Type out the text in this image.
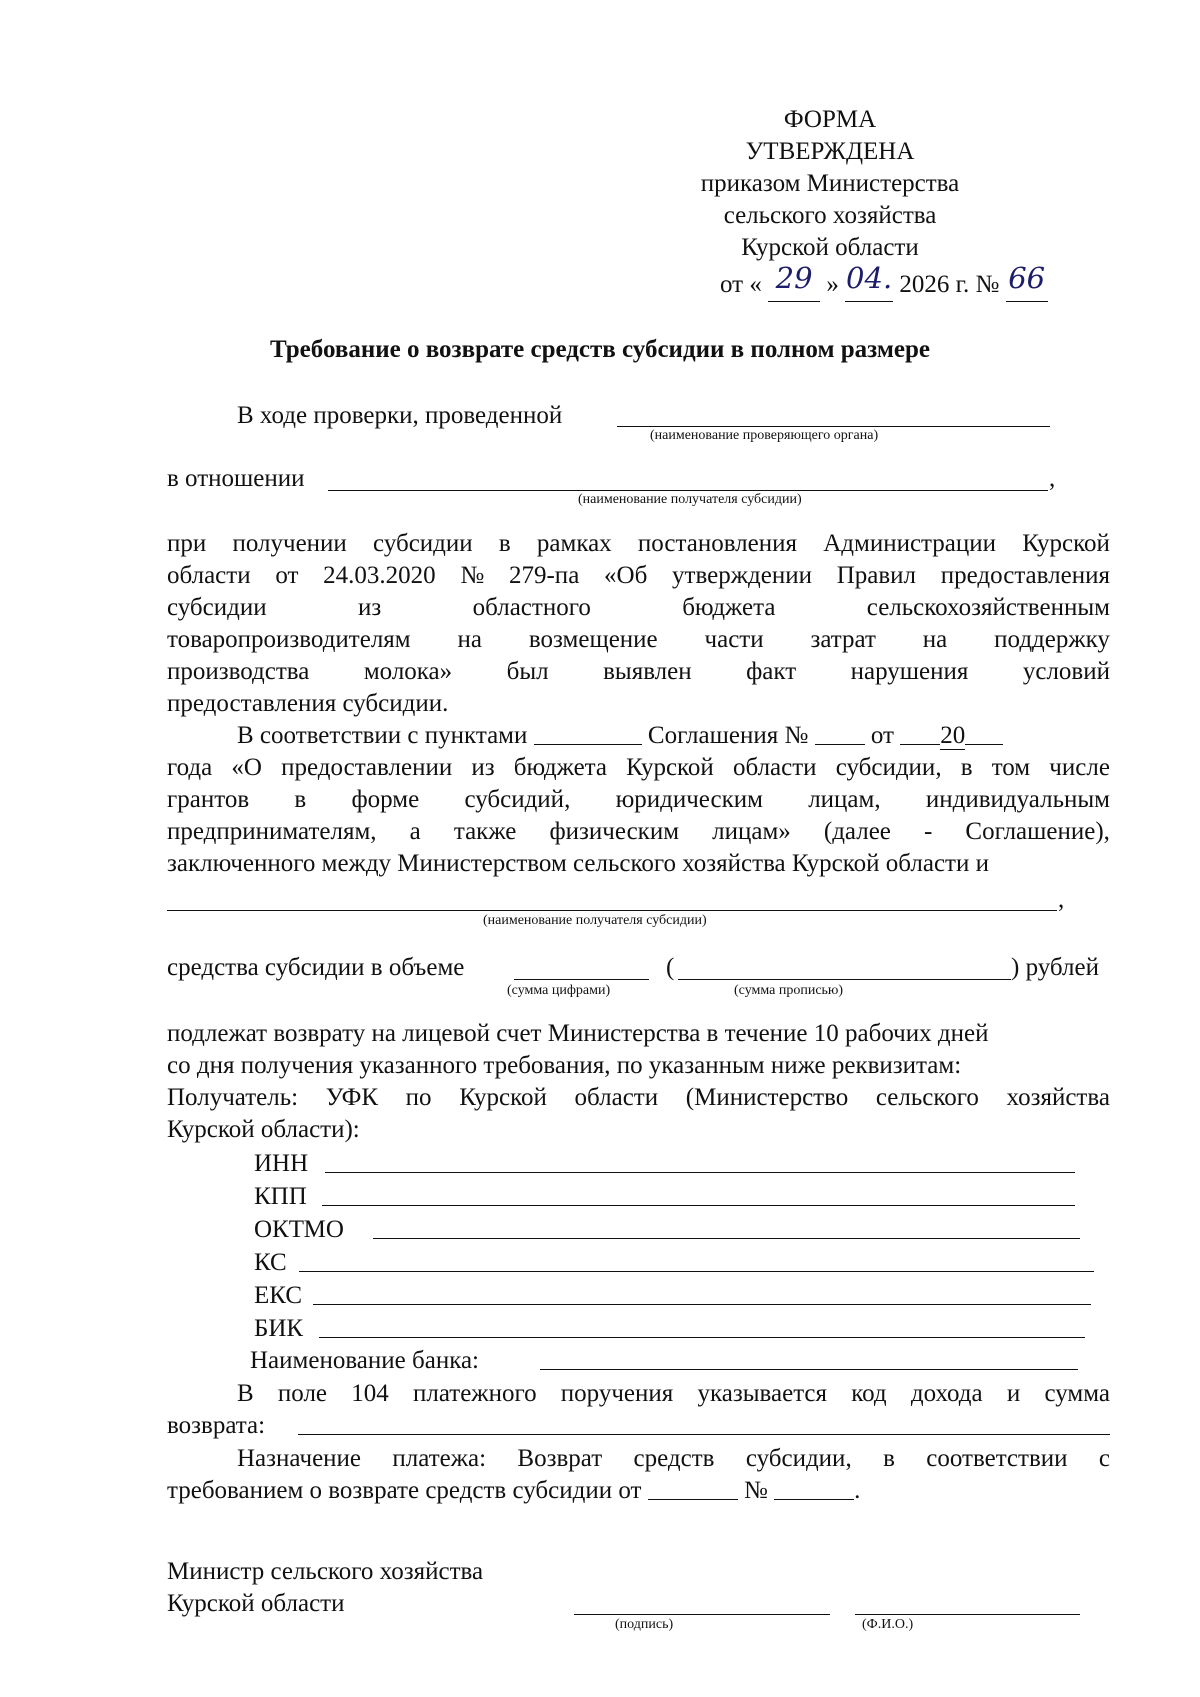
ФОРМА
УТВЕРЖДЕНА
приказом Министерства
сельского хозяйства
Курской области
от « 29 » 04. 2026 г. № 66
Требование о возврате средств субсидии в полном размере
В ходе проверки, проведенной
(наименование проверяющего органа)
в отношении	,
(наименование получателя субсидии)
при получении субсидии в рамках постановления Администрации Курской
области от 24.03.2020 № 279-па «Об утверждении Правил предоставления
субсидии	из	областного	бюджета	сельскохозяйственным
товаропроизводителям на возмещение части затрат на поддержку
производства молока» был выявлен факт нарушения условий
предоставления субсидии.
В соответствии с пунктами	Соглашения №	от 20
года «О предоставлении из бюджета Курской области субсидии, в том числе
грантов в форме субсидий, юридическим лицам, индивидуальным
предпринимателям, а также физическим лицам» (далее - Соглашение),
заключенного между Министерством сельского хозяйства Курской области и
,
(наименование получателя субсидии)
средства субсидии в объеме	(	) рублей
(сумма цифрами)	(сумма прописью)
подлежат возврату на лицевой счет Министерства в течение 10 рабочих дней
со дня получения указанного требования, по указанным ниже реквизитам:
Получатель: УФК по Курской области (Министерство сельского хозяйства
Курской области):
ИНН
КПП
ОКТМО
КС
ЕКС
БИК
Наименование банка:
В поле 104 платежного поручения указывается код дохода и сумма
возврата:
Назначение платежа: Возврат средств субсидии, в соответствии с
требованием о возврате средств субсидии от	№	.
Министр сельского хозяйства
Курской области
(подпись)	(Ф.И.О.)
